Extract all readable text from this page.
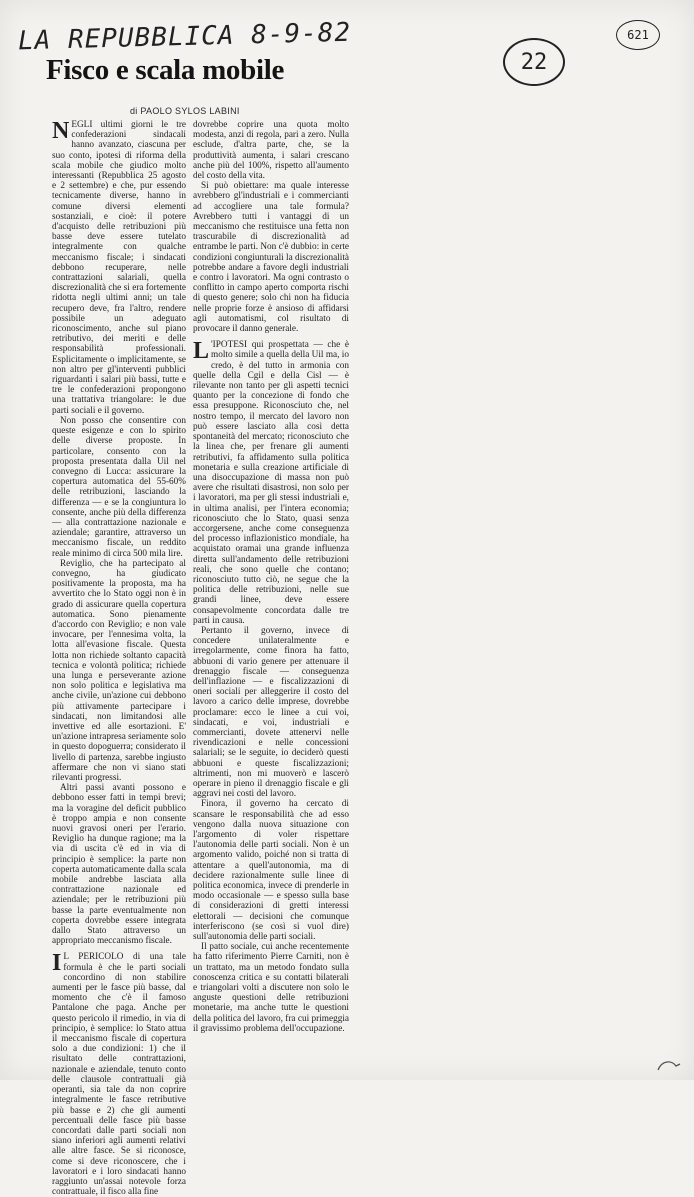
LA REPUBBLICA 8-9-82	621
22
Fisco e scala mobile
di PAOLO SYLOS LABINI

NEGLI ultimi giorni le tre confederazioni sindacali hanno avanzato, ciascuna per suo conto, ipotesi di riforma della scala mobile che giudico molto interessanti (Repubblica 25 agosto e 2 settembre) e che, pur essendo tecnicamente diverse, hanno in comune diversi elementi sostanziali, e cioè: il potere d'acquisto delle retribuzioni più basse deve essere tutelato integralmente con qualche meccanismo fiscale; i sindacati debbono recuperare, nelle contrattazioni salariali, quella discrezionalità che si era fortemente ridotta negli ultimi anni; un tale recupero deve, fra l'altro, rendere possibile un adeguato riconoscimento, anche sul piano retributivo, dei meriti e delle responsabilità professionali. Esplicitamente o implicitamente, se non altro per gl'interventi pubblici riguardanti i salari più bassi, tutte e tre le confederazioni propongono una trattativa triangolare: le due parti sociali e il governo.

Non posso che consentire con queste esigenze e con lo spirito delle diverse proposte. In particolare, consento con la proposta presentata dalla Uil nel convegno di Lucca: assicurare la copertura automatica del 55-60% delle retribuzioni, lasciando la differenza — e se la congiuntura lo consente, anche più della differenza — alla contrattazione nazionale e aziendale; garantire, attraverso un meccanismo fiscale, un reddito reale minimo di circa 500 mila lire.

Reviglio, che ha partecipato al convegno, ha giudicato positivamente la proposta, ma ha avvertito che lo Stato oggi non è in grado di assicurare quella copertura automatica. Sono pienamente d'accordo con Reviglio; e non vale invocare, per l'ennesima volta, la lotta all'evasione fiscale. Questa lotta non richiede soltanto capacità tecnica e volontà politica; richiede una lunga e perseverante azione non solo politica e legislativa ma anche civile, un'azione cui debbono più attivamente partecipare i sindacati, non limitandosi alle invettive ed alle esortazioni. E' un'azione intrapresa seriamente solo in questo dopoguerra; considerato il livello di partenza, sarebbe ingiusto affermare che non vi siano stati rilevanti progressi.

Altri passi avanti possono e debbono esser fatti in tempi brevi; ma la voragine del deficit pubblico è troppo ampia e non consente nuovi gravosi oneri per l'erario. Reviglio ha dunque ragione; ma la via di uscita c'è ed in via di principio è semplice: la parte non coperta automaticamente dalla scala mobile andrebbe lasciata alla contrattazione nazionale ed aziendale; per le retribuzioni più basse la parte eventualmente non coperta dovrebbe essere integrata dallo Stato attraverso un appropriato meccanismo fiscale.

I L PERICOLO di una tale formula è che le parti sociali concordino di non stabilire aumenti per le fasce più basse, dal momento che c'è il famoso Pantalone che paga. Anche per questo pericolo il rimedio, in via di principio, è semplice: lo Stato attua il meccanismo fiscale di copertura solo a due condizioni: 1) che il risultato delle contrattazioni, nazionale e aziendale, tenuto conto delle clausole contrattuali già operanti, sia tale da non coprire integralmente le fasce retributive più basse e 2) che gli aumenti percentuali delle fasce più basse concordati dalle parti sociali non siano inferiori agli aumenti relativi alle altre fasce. Se si riconosce, come si deve riconoscere, che i lavoratori e i loro sindacati hanno raggiunto un'assai notevole forza contrattuale, il fisco alla fine

dovrebbe coprire una quota molto modesta, anzi di regola, pari a zero. Nulla esclude, d'altra parte, che, se la produttività aumenta, i salari crescano anche più del 100%, rispetto all'aumento del costo della vita.

Si può obiettare: ma quale interesse avrebbero gl'industriali e i commercianti ad accogliere una tale formula? Avrebbero tutti i vantaggi di un meccanismo che restituisce una fetta non trascurabile di discrezionalità ad entrambe le parti. Non c'è dubbio: in certe condizioni congiunturali la discrezionalità potrebbe andare a favore degli industriali e contro i lavoratori. Ma ogni contrasto o conflitto in campo aperto comporta rischi di questo genere; solo chi non ha fiducia nelle proprie forze è ansioso di affidarsi agli automatismi, col risultato di provocare il danno generale.

L 'IPOTESI qui prospettata — che è molto simile a quella della Uil ma, io credo, è del tutto in armonia con quelle della Cgil e della Cisl — è rilevante non tanto per gli aspetti tecnici quanto per la concezione di fondo che essa presuppone. Riconosciuto che, nel nostro tempo, il mercato del lavoro non può essere lasciato alla così detta spontaneità del mercato; riconosciuto che la linea che, per frenare gli aumenti retributivi, fa affidamento sulla politica monetaria e sulla creazione artificiale di una disoccupazione di massa non può avere che risultati disastrosi, non solo per i lavoratori, ma per gli stessi industriali e, in ultima analisi, per l'intera economia; riconosciuto che lo Stato, quasi senza accorgersene, anche come conseguenza del processo inflazionistico mondiale, ha acquistato oramai una grande influenza diretta sull'andamento delle retribuzioni reali, che sono quelle che contano; riconosciuto tutto ciò, ne segue che la politica delle retribuzioni, nelle sue grandi linee, deve essere consapevolmente concordata dalle tre parti in causa.

Pertanto il governo, invece di concedere unilateralmente e irregolarmente, come finora ha fatto, abbuoni di vario genere per attenuare il drenaggio fiscale — conseguenza dell'inflazione — e fiscalizzazioni di oneri sociali per alleggerire il costo del lavoro a carico delle imprese, dovrebbe proclamare: ecco le linee a cui voi, sindacati, e voi, industriali e commercianti, dovete attenervi nelle rivendicazioni e nelle concessioni salariali; se le seguite, io deciderò questi abbuoni e queste fiscalizzazioni; altrimenti, non mi muoverò e lascerò operare in pieno il drenaggio fiscale e gli aggravi nei costi del lavoro.

Finora, il governo ha cercato di scansare le responsabilità che ad esso vengono dalla nuova situazione con l'argomento di voler rispettare l'autonomia delle parti sociali. Non è un argomento valido, poiché non si tratta di attentare a quell'autonomia, ma di decidere razionalmente sulle linee di politica economica, invece di prenderle in modo occasionale — e spesso sulla base di considerazioni di gretti interessi elettorali — decisioni che comunque interferiscono (se così si vuol dire) sull'autonomia delle parti sociali.

Il patto sociale, cui anche recentemente ha fatto riferimento Pierre Carniti, non è un trattato, ma un metodo fondato sulla conoscenza critica e su contatti bilaterali e triangolari volti a discutere non solo le anguste questioni delle retribuzioni monetarie, ma anche tutte le questioni della politica del lavoro, fra cui primeggia il gravissimo problema dell'occupazione.
